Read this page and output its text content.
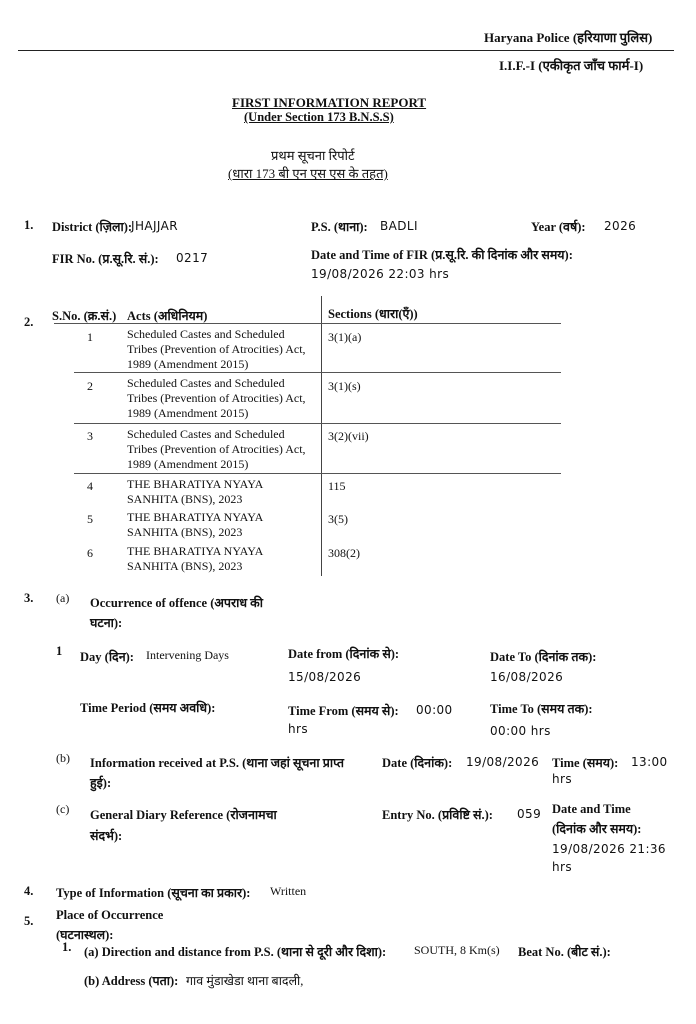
Haryana Police (हरियाणा पुलिस)
I.I.F.-I (एकीकृत जाँच फार्म-I)
FIRST INFORMATION REPORT
(Under Section 173 B.N.S.S)
प्रथम सूचना रिपोर्ट
(धारा 173 बी एन एस एस के तहत)
1. District (ज़िला):
JHAJJAR	P.S. (थाना): BADLI	Year (वर्ष): 2026
FIR No. (प्र.सू.रि. सं.): 0217	Date and Time of FIR (प्र.सू.रि. की दिनांक और समय):
19/08/2026 22:03 hrs
2. S.No. (क्र.सं.) Acts (अधिनियम)	Sections (धारा(एँ))
1	Scheduled Castes and Scheduled Tribes (Prevention of Atrocities) Act, 1989 (Amendment 2015)
3(1)(a)
2	Scheduled Castes and Scheduled Tribes (Prevention of Atrocities) Act, 1989 (Amendment 2015)
3(1)(s)
3	Scheduled Castes and Scheduled Tribes (Prevention of Atrocities) Act, 1989 (Amendment 2015)
3(2)(vii)
4	THE BHARATIYA NYAYA SANHITA (BNS), 2023
115
5	THE BHARATIYA NYAYA SANHITA (BNS), 2023
3(5)
6	THE BHARATIYA NYAYA SANHITA (BNS), 2023
308(2)
3. (a) Occurrence of offence (अपराध की
घटना):
1 Day (दिन): Intervening Days	Date from (दिनांक से):
15/08/2026
Date To (दिनांक तक):
16/08/2026
Time Period (समय अवधि):	Time From (समय से): 00:00
hrs
Time To (समय तक):
00:00 hrs
(b) Information received at P.S. (थाना जहां सूचना प्राप्त
हुई):
Date (दिनांक): 19/08/2026 Time (समय): 13:00
hrs
(c) General Diary Reference (रोजनामचा
संदर्भ):
Entry No. (प्रविष्टि सं.): 059 Date and Time
(दिनांक और समय):
19/08/2026 21:36
hrs
4. Type of Information (सूचना का प्रकार): Written
5. Place of Occurrence
(घटनास्थल):
1. (a) Direction and distance from P.S. (थाना से दूरी और दिशा): SOUTH, 8 Km(s) Beat No. (बीट सं.):
(b) Address (पता): गाव मुंडाखेडा थाना बादली,
